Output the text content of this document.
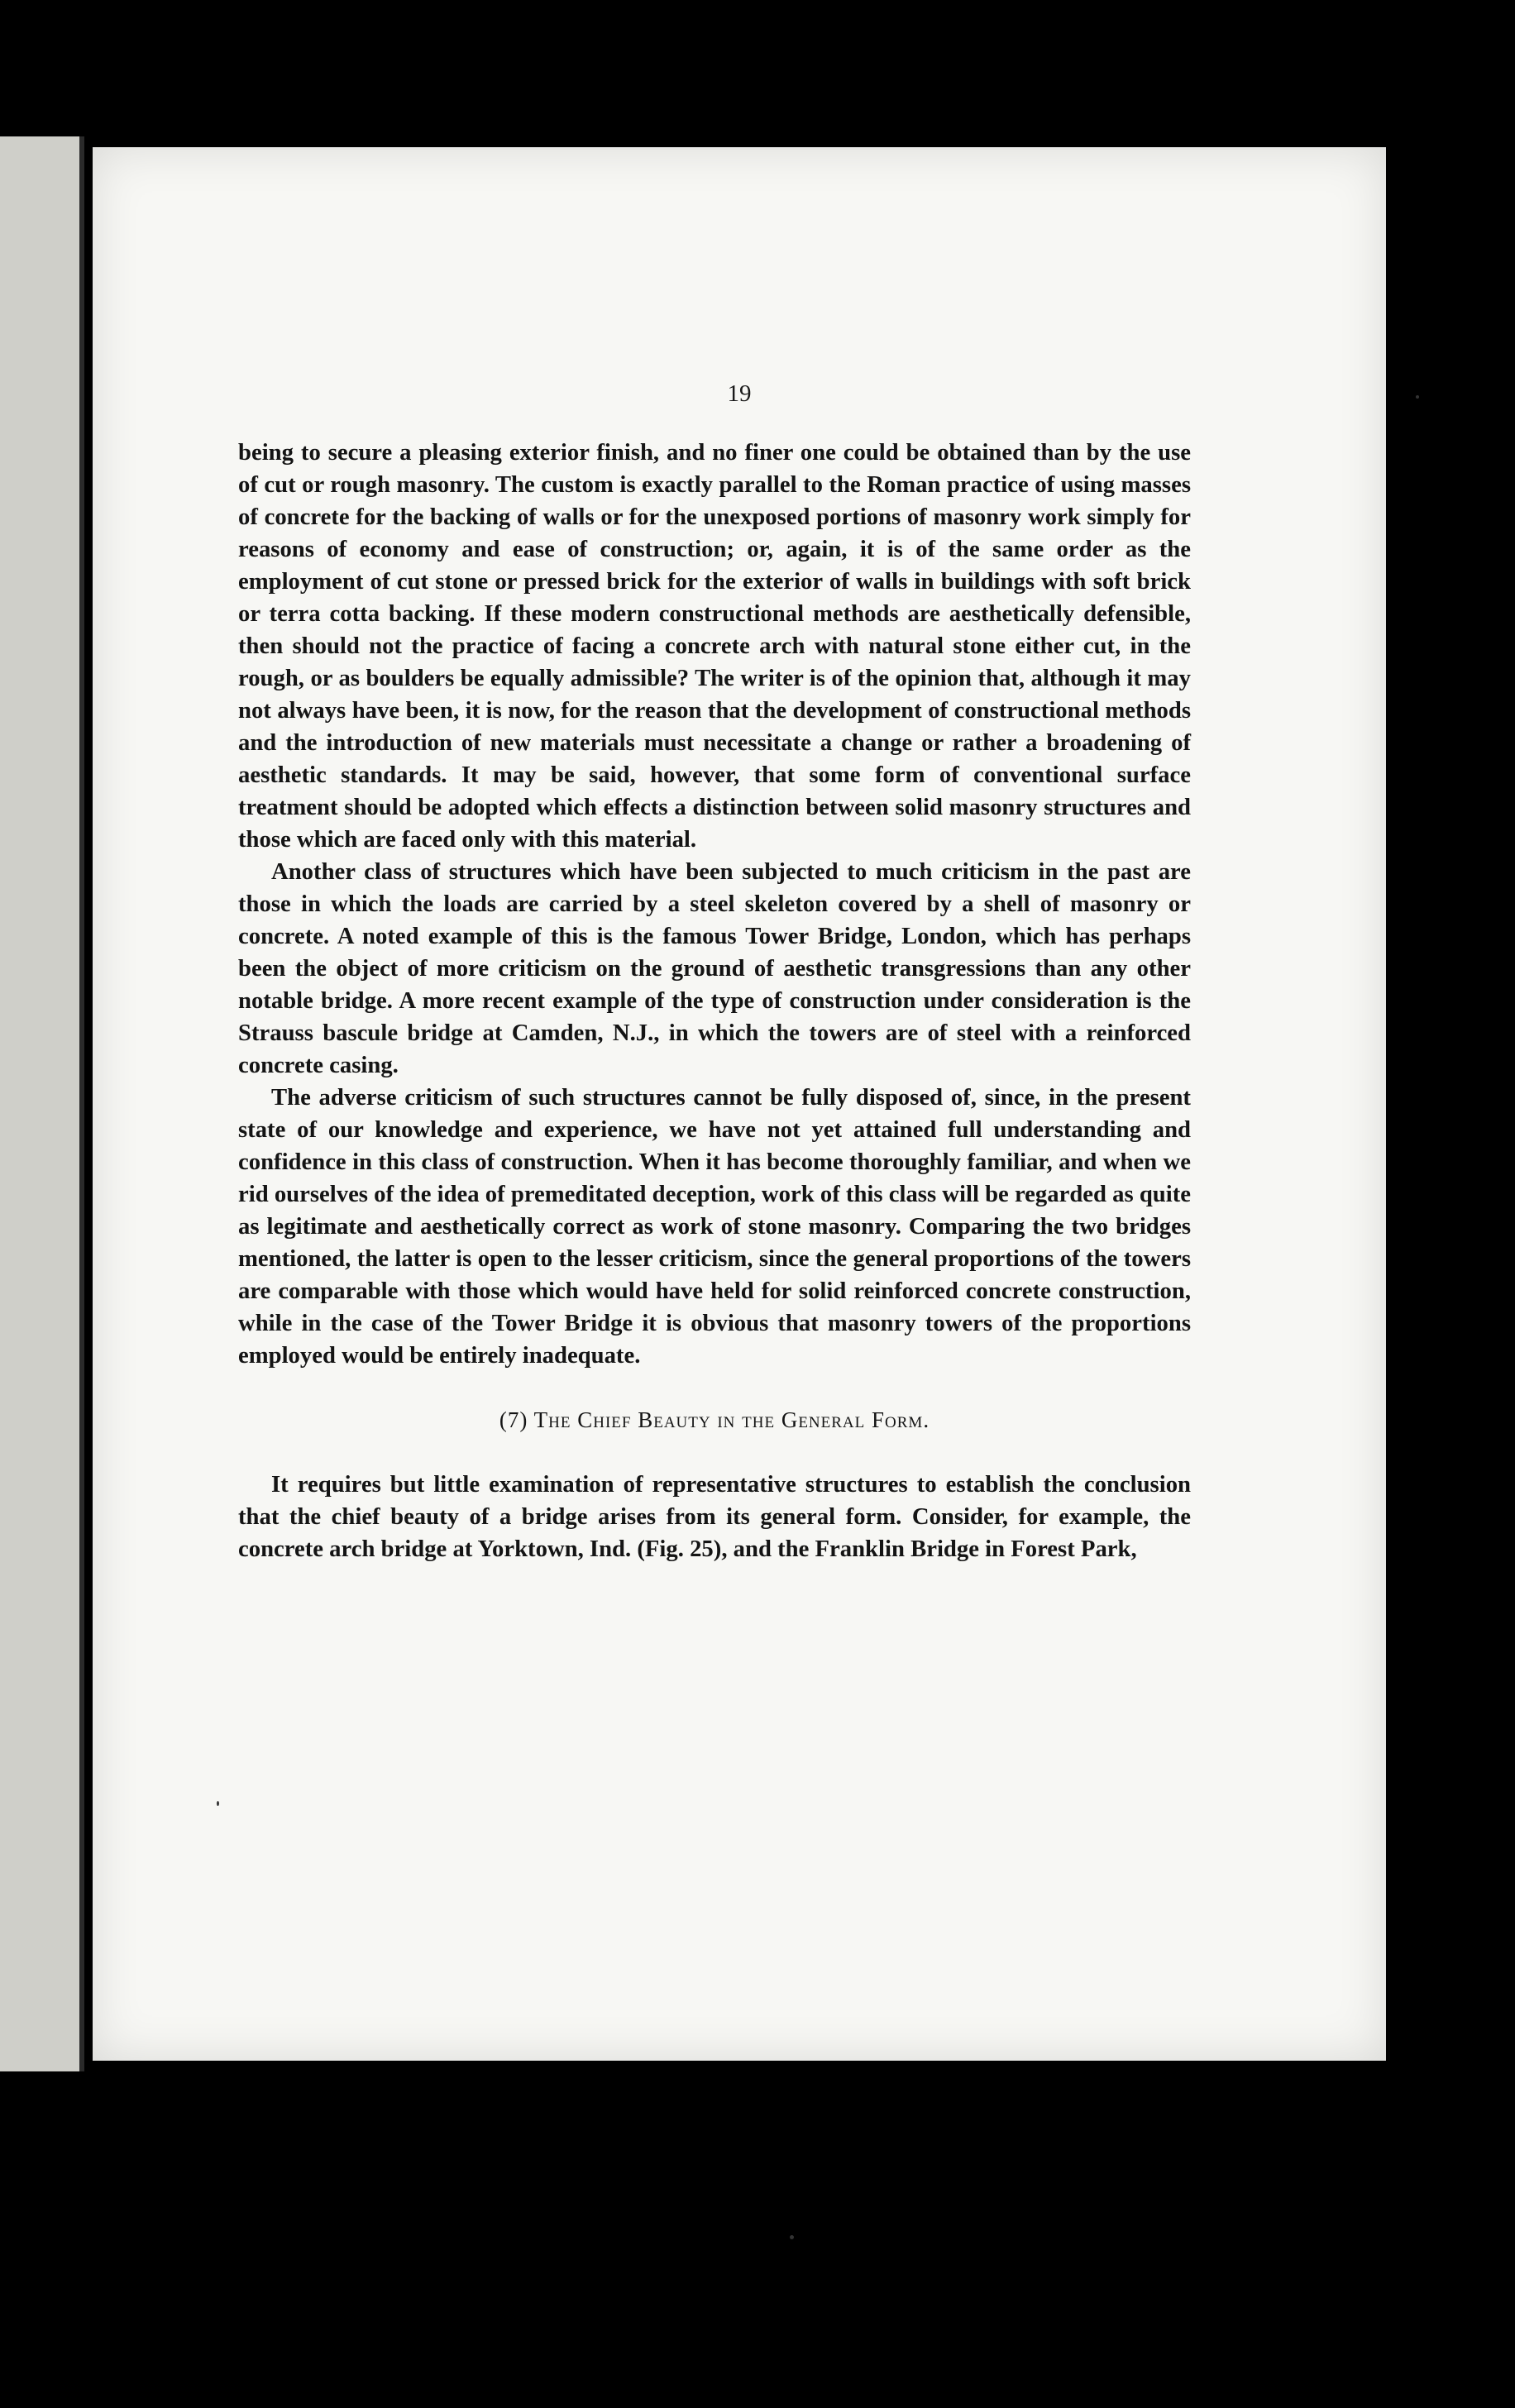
19

being to secure a pleasing exterior finish, and no finer one could be obtained than by the use of cut or rough masonry. The custom is exactly parallel to the Roman practice of using masses of concrete for the backing of walls or for the unexposed portions of masonry work simply for reasons of economy and ease of construction; or, again, it is of the same order as the employment of cut stone or pressed brick for the exterior of walls in buildings with soft brick or terra cotta backing. If these modern constructional methods are aesthetically defensible, then should not the practice of facing a concrete arch with natural stone either cut, in the rough, or as boulders be equally admissible? The writer is of the opinion that, although it may not always have been, it is now, for the reason that the development of constructional methods and the introduction of new materials must necessitate a change or rather a broadening of aesthetic standards. It may be said, however, that some form of conventional surface treatment should be adopted which effects a distinction between solid masonry structures and those which are faced only with this material.

Another class of structures which have been subjected to much criticism in the past are those in which the loads are carried by a steel skeleton covered by a shell of masonry or concrete. A noted example of this is the famous Tower Bridge, London, which has perhaps been the object of more criticism on the ground of aesthetic transgressions than any other notable bridge. A more recent example of the type of construction under consideration is the Strauss bascule bridge at Camden, N.J., in which the towers are of steel with a reinforced concrete casing.

The adverse criticism of such structures cannot be fully disposed of, since, in the present state of our knowledge and experience, we have not yet attained full understanding and confidence in this class of construction. When it has become thoroughly familiar, and when we rid ourselves of the idea of premeditated deception, work of this class will be regarded as quite as legitimate and aesthetically correct as work of stone masonry. Comparing the two bridges mentioned, the latter is open to the lesser criticism, since the general proportions of the towers are comparable with those which would have held for solid reinforced concrete construction, while in the case of the Tower Bridge it is obvious that masonry towers of the proportions employed would be entirely inadequate.

(7) The Chief Beauty in the General Form.

It requires but little examination of representative structures to establish the conclusion that the chief beauty of a bridge arises from its general form. Consider, for example, the concrete arch bridge at Yorktown, Ind. (Fig. 25), and the Franklin Bridge in Forest Park,
